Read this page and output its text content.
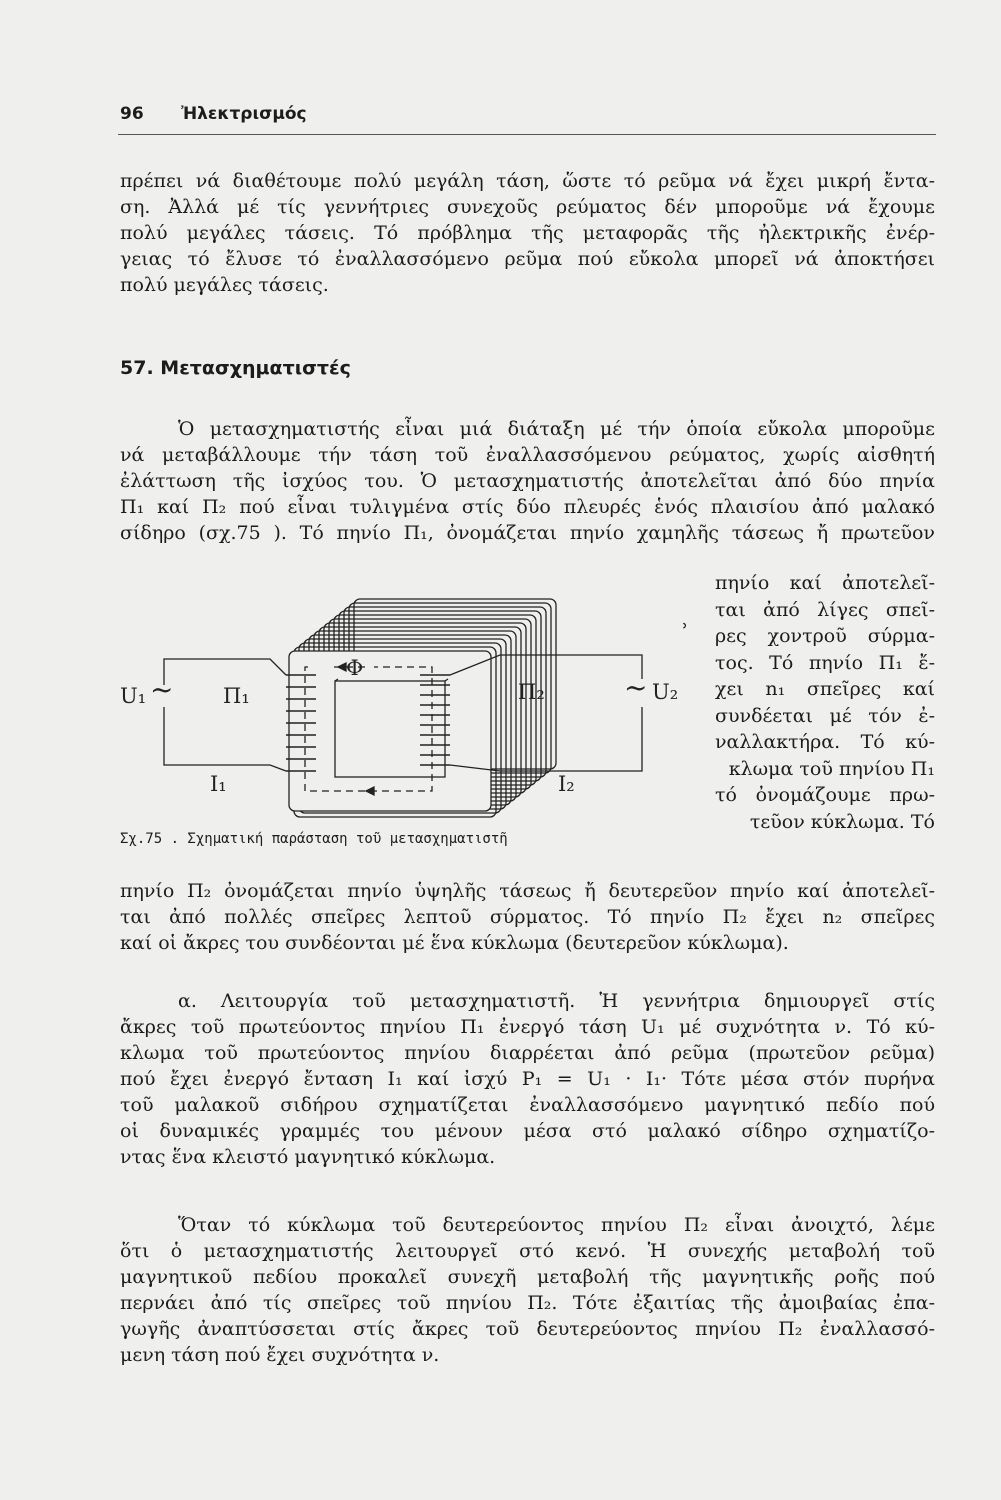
96 Ἠλεκτρισμός
πρέπει νά διαθέτουμε πολύ μεγάλη τάση, ὥστε τό ρεῦμα νά ἔχει μικρή ἔντα-
ση. Ἀλλά μέ τίς γεννήτριες συνεχοῦς ρεύματος δέν μποροῦμε νά ἔχουμε
πολύ μεγάλες τάσεις. Τό πρόβλημα τῆς μεταφορᾶς τῆς ἠλεκτρικῆς ἐνέρ-
γειας τό ἔλυσε τό ἐναλλασσόμενο ρεῦμα πού εὔκολα μπορεῖ νά ἀποκτήσει
πολύ μεγάλες τάσεις.
57. Μετασχηματιστές
Ὁ μετασχηματιστής εἶναι μιά διάταξη μέ τήν ὁποία εὔκολα μποροῦμε
νά μεταβάλλουμε τήν τάση τοῦ ἐναλλασσόμενου ρεύματος, χωρίς αἰσθητή
ἐλάττωση τῆς ἰσχύος του. Ὁ μετασχηματιστής ἀποτελεῖται ἀπό δύο πηνία
Π₁ καί Π₂ πού εἶναι τυλιγμένα στίς δύο πλευρές ἑνός πλαισίου ἀπό μαλακό
σίδηρο (σχ.75 ). Τό πηνίο Π₁, ὀνομάζεται πηνίο χαμηλῆς τάσεως ἤ πρωτεῦον
πηνίο καί ἀποτελεῖ-
ται ἀπό λίγες σπεῖ-
ρες χοντροῦ σύρμα-
τος. Τό πηνίο Π₁ ἔ-
χει n₁ σπεῖρες καί
συνδέεται μέ τόν ἐ-
ναλλακτήρα. Τό κύ-
κλωμα τοῦ πηνίου Π₁
τό ὀνομάζουμε πρω-
τεῦον κύκλωμα. Τό
Φ
U₁ ~ Π₁	Π₂	~ U₂
I₁	I₂
ʾ
Σχ.75 . Σχηματική παράσταση τοῦ μετασχηματιστῆ
πηνίο Π₂ ὀνομάζεται πηνίο ὑψηλῆς τάσεως ἤ δευτερεῦον πηνίο καί ἀποτελεῖ-
ται ἀπό πολλές σπεῖρες λεπτοῦ σύρματος. Τό πηνίο Π₂ ἔχει n₂ σπεῖρες
καί οἱ ἄκρες του συνδέονται μέ ἕνα κύκλωμα (δευτερεῦον κύκλωμα).
α. Λειτουργία τοῦ μετασχηματιστῆ. Ἡ γεννήτρια δημιουργεῖ στίς
ἄκρες τοῦ πρωτεύοντος πηνίου Π₁ ἐνεργό τάση U₁ μέ συχνότητα ν. Τό κύ-
κλωμα τοῦ πρωτεύοντος πηνίου διαρρέεται ἀπό ρεῦμα (πρωτεῦον ρεῦμα)
πού ἔχει ἐνεργό ἔνταση I₁ καί ἰσχύ P₁ = U₁ · I₁· Τότε μέσα στόν πυρήνα
τοῦ μαλακοῦ σιδήρου σχηματίζεται ἐναλλασσόμενο μαγνητικό πεδίο πού
οἱ δυναμικές γραμμές του μένουν μέσα στό μαλακό σίδηρο σχηματίζο-
ντας ἕνα κλειστό μαγνητικό κύκλωμα.
Ὅταν τό κύκλωμα τοῦ δευτερεύοντος πηνίου Π₂ εἶναι ἀνοιχτό, λέμε
ὅτι ὁ μετασχηματιστής λειτουργεῖ στό κενό. Ἡ συνεχής μεταβολή τοῦ
μαγνητικοῦ πεδίου προκαλεῖ συνεχῆ μεταβολή τῆς μαγνητικῆς ροῆς πού
περνάει ἀπό τίς σπεῖρες τοῦ πηνίου Π₂. Τότε ἐξαιτίας τῆς ἀμοιβαίας ἐπα-
γωγῆς ἀναπτύσσεται στίς ἄκρες τοῦ δευτερεύοντος πηνίου Π₂ ἐναλλασσό-
μενη τάση πού ἔχει συχνότητα ν.
